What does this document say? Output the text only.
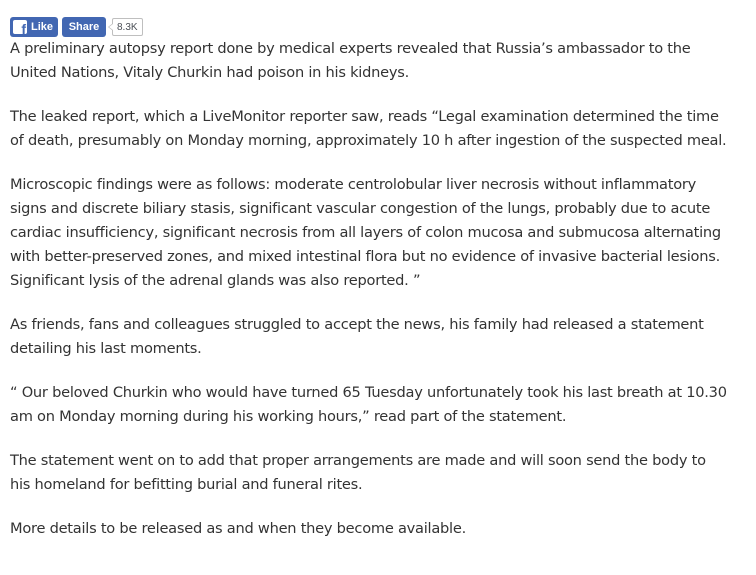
f Like Share 8.3K

A preliminary autopsy report done by medical experts revealed that Russia’s ambassador to the United Nations, Vitaly Churkin had poison in his kidneys.

The leaked report, which a LiveMonitor reporter saw, reads “Legal examination determined the time of death, presumably on Monday morning, approximately 10 h after ingestion of the suspected meal.

Microscopic findings were as follows: moderate centrolobular liver necrosis without inflammatory signs and discrete biliary stasis, significant vascular congestion of the lungs, probably due to acute cardiac insufficiency, significant necrosis from all layers of colon mucosa and submucosa alternating with better-preserved zones, and mixed intestinal flora but no evidence of invasive bacterial lesions. Significant lysis of the adrenal glands was also reported. ”

As friends, fans and colleagues struggled to accept the news, his family had released a statement detailing his last moments.

“ Our beloved Churkin who would have turned 65 Tuesday unfortunately took his last breath at 10.30 am on Monday morning during his working hours,” read part of the statement.

The statement went on to add that proper arrangements are made and will soon send the body to his homeland for befitting burial and funeral rites.

More details to be released as and when they become available.
